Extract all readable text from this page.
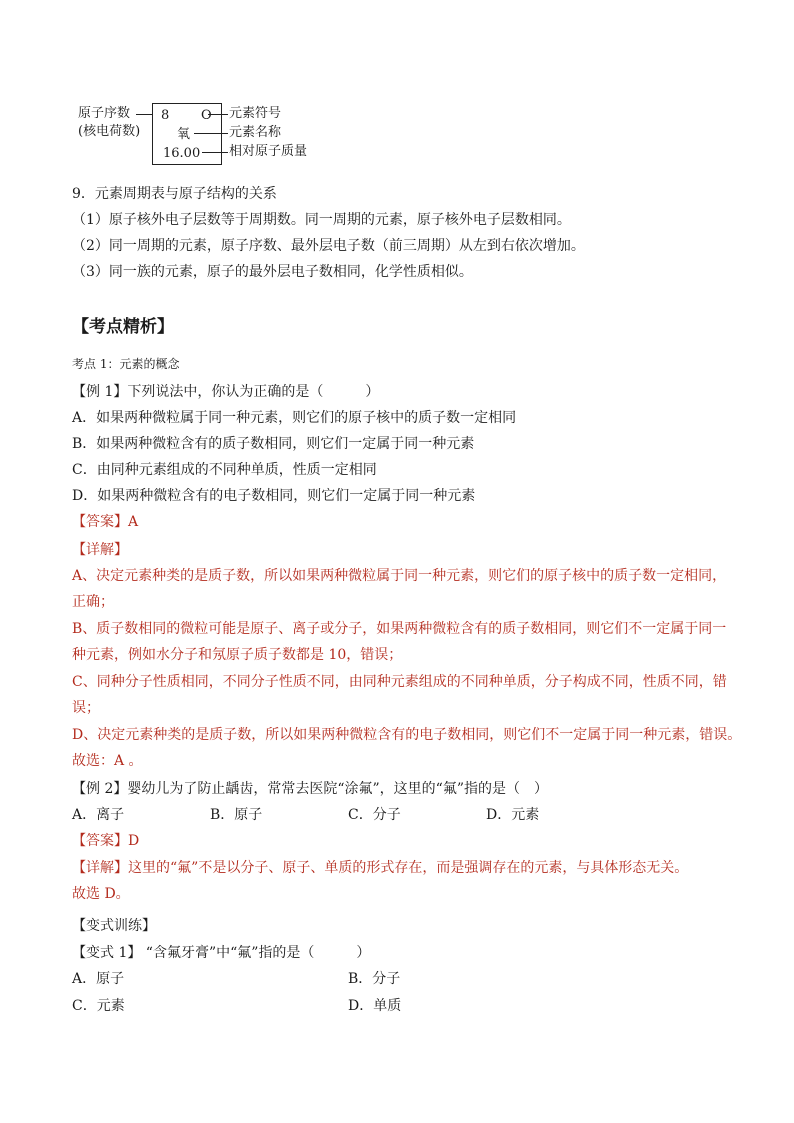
原子序数
(核电荷数)
8 O
氧
16.00
元素符号
元素名称
相对原子质量
9．元素周期表与原子结构的关系
（1）原子核外电子层数等于周期数。同一周期的元素，原子核外电子层数相同。
（2）同一周期的元素，原子序数、最外层电子数（前三周期）从左到右依次增加。
（3）同一族的元素，原子的最外层电子数相同，化学性质相似。
【考点精析】
考点 1：元素的概念
【例 1】下列说法中，你认为正确的是（　　　）
A．如果两种微粒属于同一种元素，则它们的原子核中的质子数一定相同
B．如果两种微粒含有的质子数相同，则它们一定属于同一种元素
C．由同种元素组成的不同种单质，性质一定相同
D．如果两种微粒含有的电子数相同，则它们一定属于同一种元素
【答案】A
【详解】
A、决定元素种类的是质子数，所以如果两种微粒属于同一种元素，则它们的原子核中的质子数一定相同，
正确；
B、质子数相同的微粒可能是原子、离子或分子，如果两种微粒含有的质子数相同，则它们不一定属于同一
种元素，例如水分子和氖原子质子数都是 10，错误；
C、同种分子性质相同，不同分子性质不同，由同种元素组成的不同种单质，分子构成不同，性质不同，错
误；
D、决定元素种类的是质子数，所以如果两种微粒含有的电子数相同，则它们不一定属于同一种元素，错误。
故选：A 。
【例 2】婴幼儿为了防止龋齿，常常去医院“涂氟”，这里的“氟”指的是（　）
A．离子	B．原子	C．分子	D．元素
【答案】D
【详解】这里的“氟”不是以分子、原子、单质的形式存在，而是强调存在的元素，与具体形态无关。
故选 D。
【变式训练】
【变式 1】 “含氟牙膏”中“氟”指的是（　　　）
A．原子	B．分子
C．元素	D．单质
